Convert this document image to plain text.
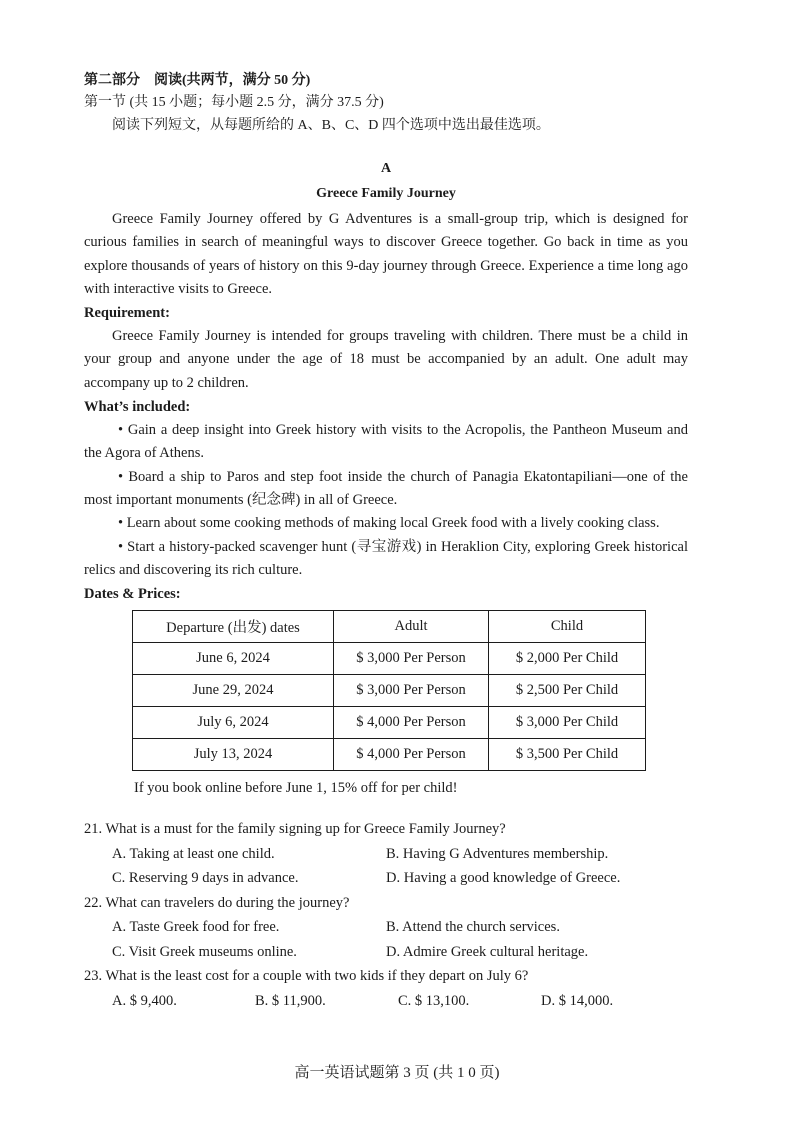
第二部分　阅读(共两节，满分 50 分)
第一节 (共 15 小题；每小题 2.5 分，满分 37.5 分)
阅读下列短文，从每题所给的 A、B、C、D 四个选项中选出最佳选项。
A
Greece Family Journey

Greece Family Journey offered by G Adventures is a small-group trip, which is designed for curious families in search of meaningful ways to discover Greece together. Go back in time as you explore thousands of years of history on this 9-day journey through Greece. Experience a time long ago with interactive visits to Greece.

Requirement:

Greece Family Journey is intended for groups traveling with children. There must be a child in your group and anyone under the age of 18 must be accompanied by an adult. One adult may accompany up to 2 children.

What’s included:

• Gain a deep insight into Greek history with visits to the Acropolis, the Pantheon Museum and the Agora of Athens.

• Board a ship to Paros and step foot inside the church of Panagia Ekatontapiliani—one of the most important monuments (纪念碑) in all of Greece.

• Learn about some cooking methods of making local Greek food with a lively cooking class.

• Start a history-packed scavenger hunt (寻宝游戏) in Heraklion City, exploring Greek historical relics and discovering its rich culture.

Dates & Prices:
Departure (出发) dates	Adult	Child
June 6, 2024	$ 3,000 Per Person	$ 2,000 Per Child
June 29, 2024	$ 3,000 Per Person	$ 2,500 Per Child
July 6, 2024	$ 4,000 Per Person	$ 3,000 Per Child
July 13, 2024	$ 4,000 Per Person	$ 3,500 Per Child
If you book online before June 1, 15% off for per child!
21. What is a must for the family signing up for Greece Family Journey?
A. Taking at least one child.	B. Having G Adventures membership.
C. Reserving 9 days in advance.	D. Having a good knowledge of Greece.
22. What can travelers do during the journey?
A. Taste Greek food for free.	B. Attend the church services.
C. Visit Greek museums online.	D. Admire Greek cultural heritage.
23. What is the least cost for a couple with two kids if they depart on July 6?
A. $ 9,400.	B. $ 11,900.	C. $ 13,100.	D. $ 14,000.
高一英语试题第 3 页 (共 1 0 页)
